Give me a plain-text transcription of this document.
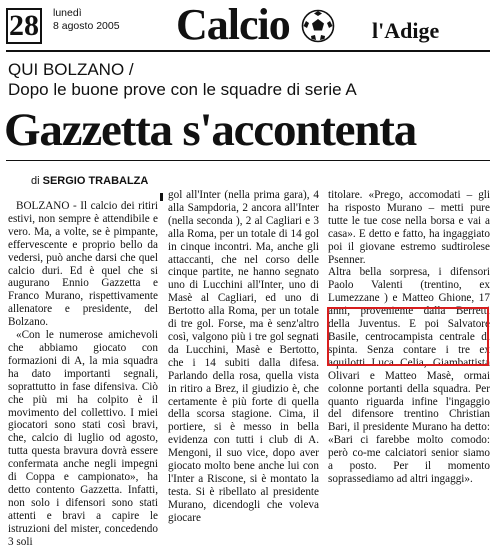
28 lunedì
8 agosto 2005 Calcio	l'Adige
QUI BOLZANO /
Dopo le buone prove con le squadre di serie A
Gazzetta s'accontenta
di SERGIO TRABALZA

BOLZANO - Il calcio dei ritiri estivi, non sempre è attendibile e vero. Ma, a volte, se è pimpante, effervescente e proprio bello da vedersi, può anche darsi che quel calcio duri. Ed è quel che si augurano Ennio Gazzetta e Franco Murano, rispettivamente allenatore e presidente, del Bolzano.

«Con le numerose amichevoli che abbiamo giocato con formazioni di A, la mia squadra ha dato importanti segnali, soprattutto in fase difensiva. Ciò che più mi ha colpito è il movimento del collettivo. I miei giocatori sono stati così bravi, che, calcio di luglio od agosto, tutta questa bravura dovrà essere confermata anche negli impegni di Coppa e campionato», ha detto contento Gazzetta. Infatti, non solo i difensori sono stati attenti e bravi a capire le istruzioni del mister, concedendo 3 soli

gol all'Inter (nella prima gara), 4 alla Sampdoria, 2 ancora all'Inter (nella seconda ), 2 al Cagliari e 3 alla Roma, per un totale di 14 gol in cinque incontri. Ma, anche gli attaccanti, che nel corso delle cinque partite, ne hanno segnato uno di Lucchini all'Inter, uno di Masè al Cagliari, ed uno di Bertotto alla Roma, per un totale di tre gol. Forse, ma è senz'altro così, valgono più i tre gol segnati da Lucchini, Masè e Bertotto, che i 14 subiti dalla difesa. Parlando della rosa, quella vista in ritiro a Brez, il giudizio è, che certamente è più forte di quella della scorsa stagione. Cima, il portiere, si è messo in bella evidenza con tutti i club di A. Mengoni, il suo vice, dopo aver giocato molto bene anche lui con l'Inter a Riscone, si è montato la testa. Si è ribellato al presidente Murano, dicendogli che voleva giocare

titolare. «Prego, accomodati – gli ha risposto Murano – metti pure tutte le tue cose nella borsa e vai a casa». E detto e fatto, ha ingaggiato poi il giovane estremo sudtirolese Psenner.

Altra bella sorpresa, i difensori Paolo Valenti (trentino, ex Lumezzane ) e Matteo Ghione, 17 anni, proveniente dalla Berretti della Juventus. E poi Salvatore Basile, centrocampista centrale di spinta. Senza contare i tre ex aquilotti Luca Celia, Giambattista Olivari e Matteo Masè, ormai colonne portanti della squadra. Per quanto riguarda infine l'ingaggio del difensore trentino Christian Bari, il presidente Murano ha detto: «Bari ci farebbe molto comodo: però co-me calciatori senior siamo a posto. Per il momento soprassediamo ad altri ingaggi».
